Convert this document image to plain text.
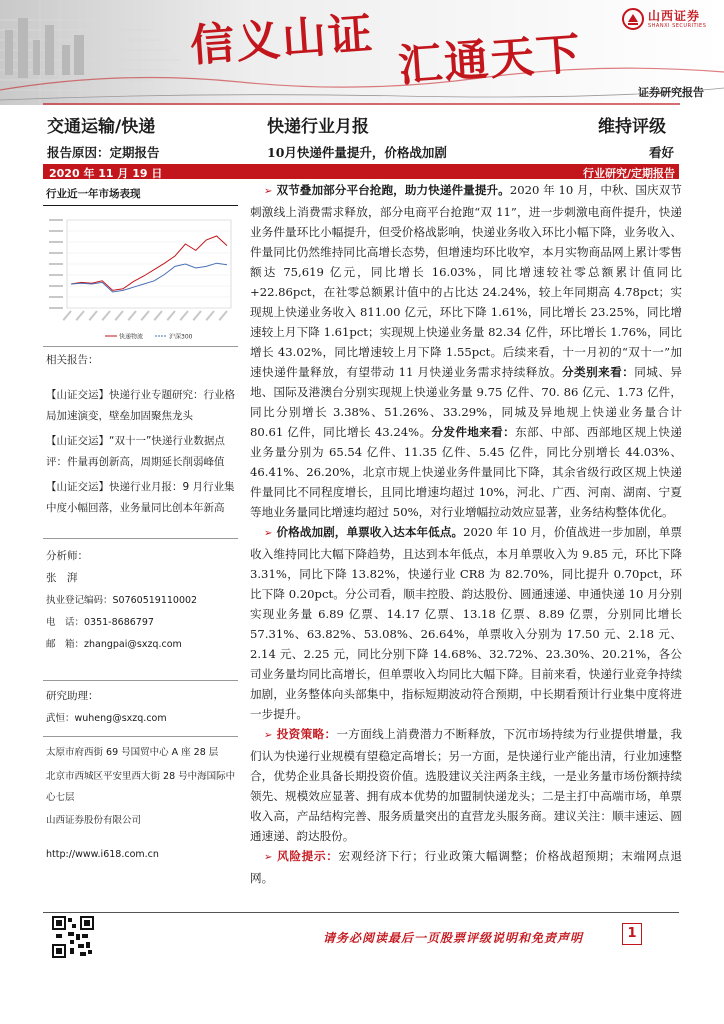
信义山证 汇通天下
山西证券
SHANXI SECURITIES
证券研究报告
交通运输/快递	快递行业月报	维持评级
报告原因：定期报告	10月快递件量提升，价格战加剧	看好
2020 年 11 月 19 日	行业研究/定期报告
行业近一年市场表现
快递物流	沪深300
相关报告：
【山证交运】快递行业专题研究：行业格局加速演变，壁垒加固聚焦龙头
【山证交运】“双十一”快递行业数据点评：件量再创新高，周期延长削弱峰值
【山证交运】快递行业月报：9 月行业集中度小幅回落，业务量同比创本年新高
分析师：
张　湃
执业登记编码：S0760519110002
电　话：0351-8686797
邮　箱：zhangpai@sxzq.com
研究助理：
武恒：wuheng@sxzq.com
太原市府西街 69 号国贸中心 A 座 28 层
北京市西城区平安里西大街 28 号中海国际中心七层
山西证券股份有限公司
http://www.i618.com.cn

➢ 双节叠加部分平台抢跑，助力快递件量提升。2020 年 10 月，中秋、国庆双节刺激线上消费需求释放，部分电商平台抢跑“双 11”，进一步刺激电商件提升，快递业务件量环比小幅提升，但受价格战影响，快递业务收入环比小幅下降，业务收入、件量同比仍然维持同比高增长态势，但增速均环比收窄，本月实物商品网上累计零售额达 75,619 亿元，同比增长 16.03%，同比增速较社零总额累计值同比+22.86pct，在社零总额累计值中的占比达 24.24%，较上年同期高 4.78pct；实现规上快递业务收入 811.00 亿元，环比下降 1.61%，同比增长 23.25%，同比增速较上月下降 1.61pct；实现规上快递业务量 82.34 亿件，环比增长 1.76%，同比增长 43.02%，同比增速较上月下降 1.55pct。后续来看，十一月初的“双十一”加速快递件量释放，有望带动 11 月快递业务需求持续释放。分类别来看：同城、异地、国际及港澳台分别实现规上快递业务量 9.75 亿件、70. 86 亿元、1.73 亿件，同比分别增长 3.38%、51.26%、33.29%，同城及异地规上快递业务量合计 80.61 亿件，同比增长 43.24%。分发件地来看：东部、中部、西部地区规上快递业务量分别为 65.54 亿件、11.35 亿件、5.45 亿件，同比分别增长 44.03%、46.41%、26.20%，北京市规上快递业务件量同比下降，其余省级行政区规上快递件量同比不同程度增长，且同比增速均超过 10%，河北、广西、河南、湖南、宁夏等地业务量同比增速均超过 50%，对行业增幅拉动效应显著，业务结构整体优化。

➢ 价格战加剧，单票收入达本年低点。2020 年 10 月，价值战进一步加剧，单票收入维持同比大幅下降趋势，且达到本年低点，本月单票收入为 9.85 元，环比下降 3.31%，同比下降 13.82%，快递行业 CR8 为 82.70%，同比提升 0.70pct，环比下降 0.20pct。分公司看，顺丰控股、韵达股份、圆通速递、申通快递 10 月分别实现业务量 6.89 亿票、14.17 亿票、13.18 亿票、8.89 亿票，分别同比增长 57.31%、63.82%、53.08%、26.64%，单票收入分别为 17.50 元、2.18 元、2.14 元、2.25 元，同比分别下降 14.68%、32.72%、23.30%、20.21%，各公司业务量均同比高增长，但单票收入均同比大幅下降。目前来看，快递行业竞争持续加剧，业务整体向头部集中，指标短期波动符合预期，中长期看预计行业集中度将进一步提升。

➢ 投资策略：一方面线上消费潜力不断释放，下沉市场持续为行业提供增量，我们认为快递行业规模有望稳定高增长；另一方面，是快递行业产能出清，行业加速整合，优势企业具备长期投资价值。选股建议关注两条主线，一是业务量市场份额持续领先、规模效应显著、拥有成本优势的加盟制快递龙头；二是主打中高端市场，单票收入高，产品结构完善、服务质量突出的直营龙头服务商。建议关注：顺丰速运、圆通速递、韵达股份。

➢ 风险提示：宏观经济下行；行业政策大幅调整；价格战超预期；末端网点退网。

请务必阅读最后一页股票评级说明和免责声明	1
